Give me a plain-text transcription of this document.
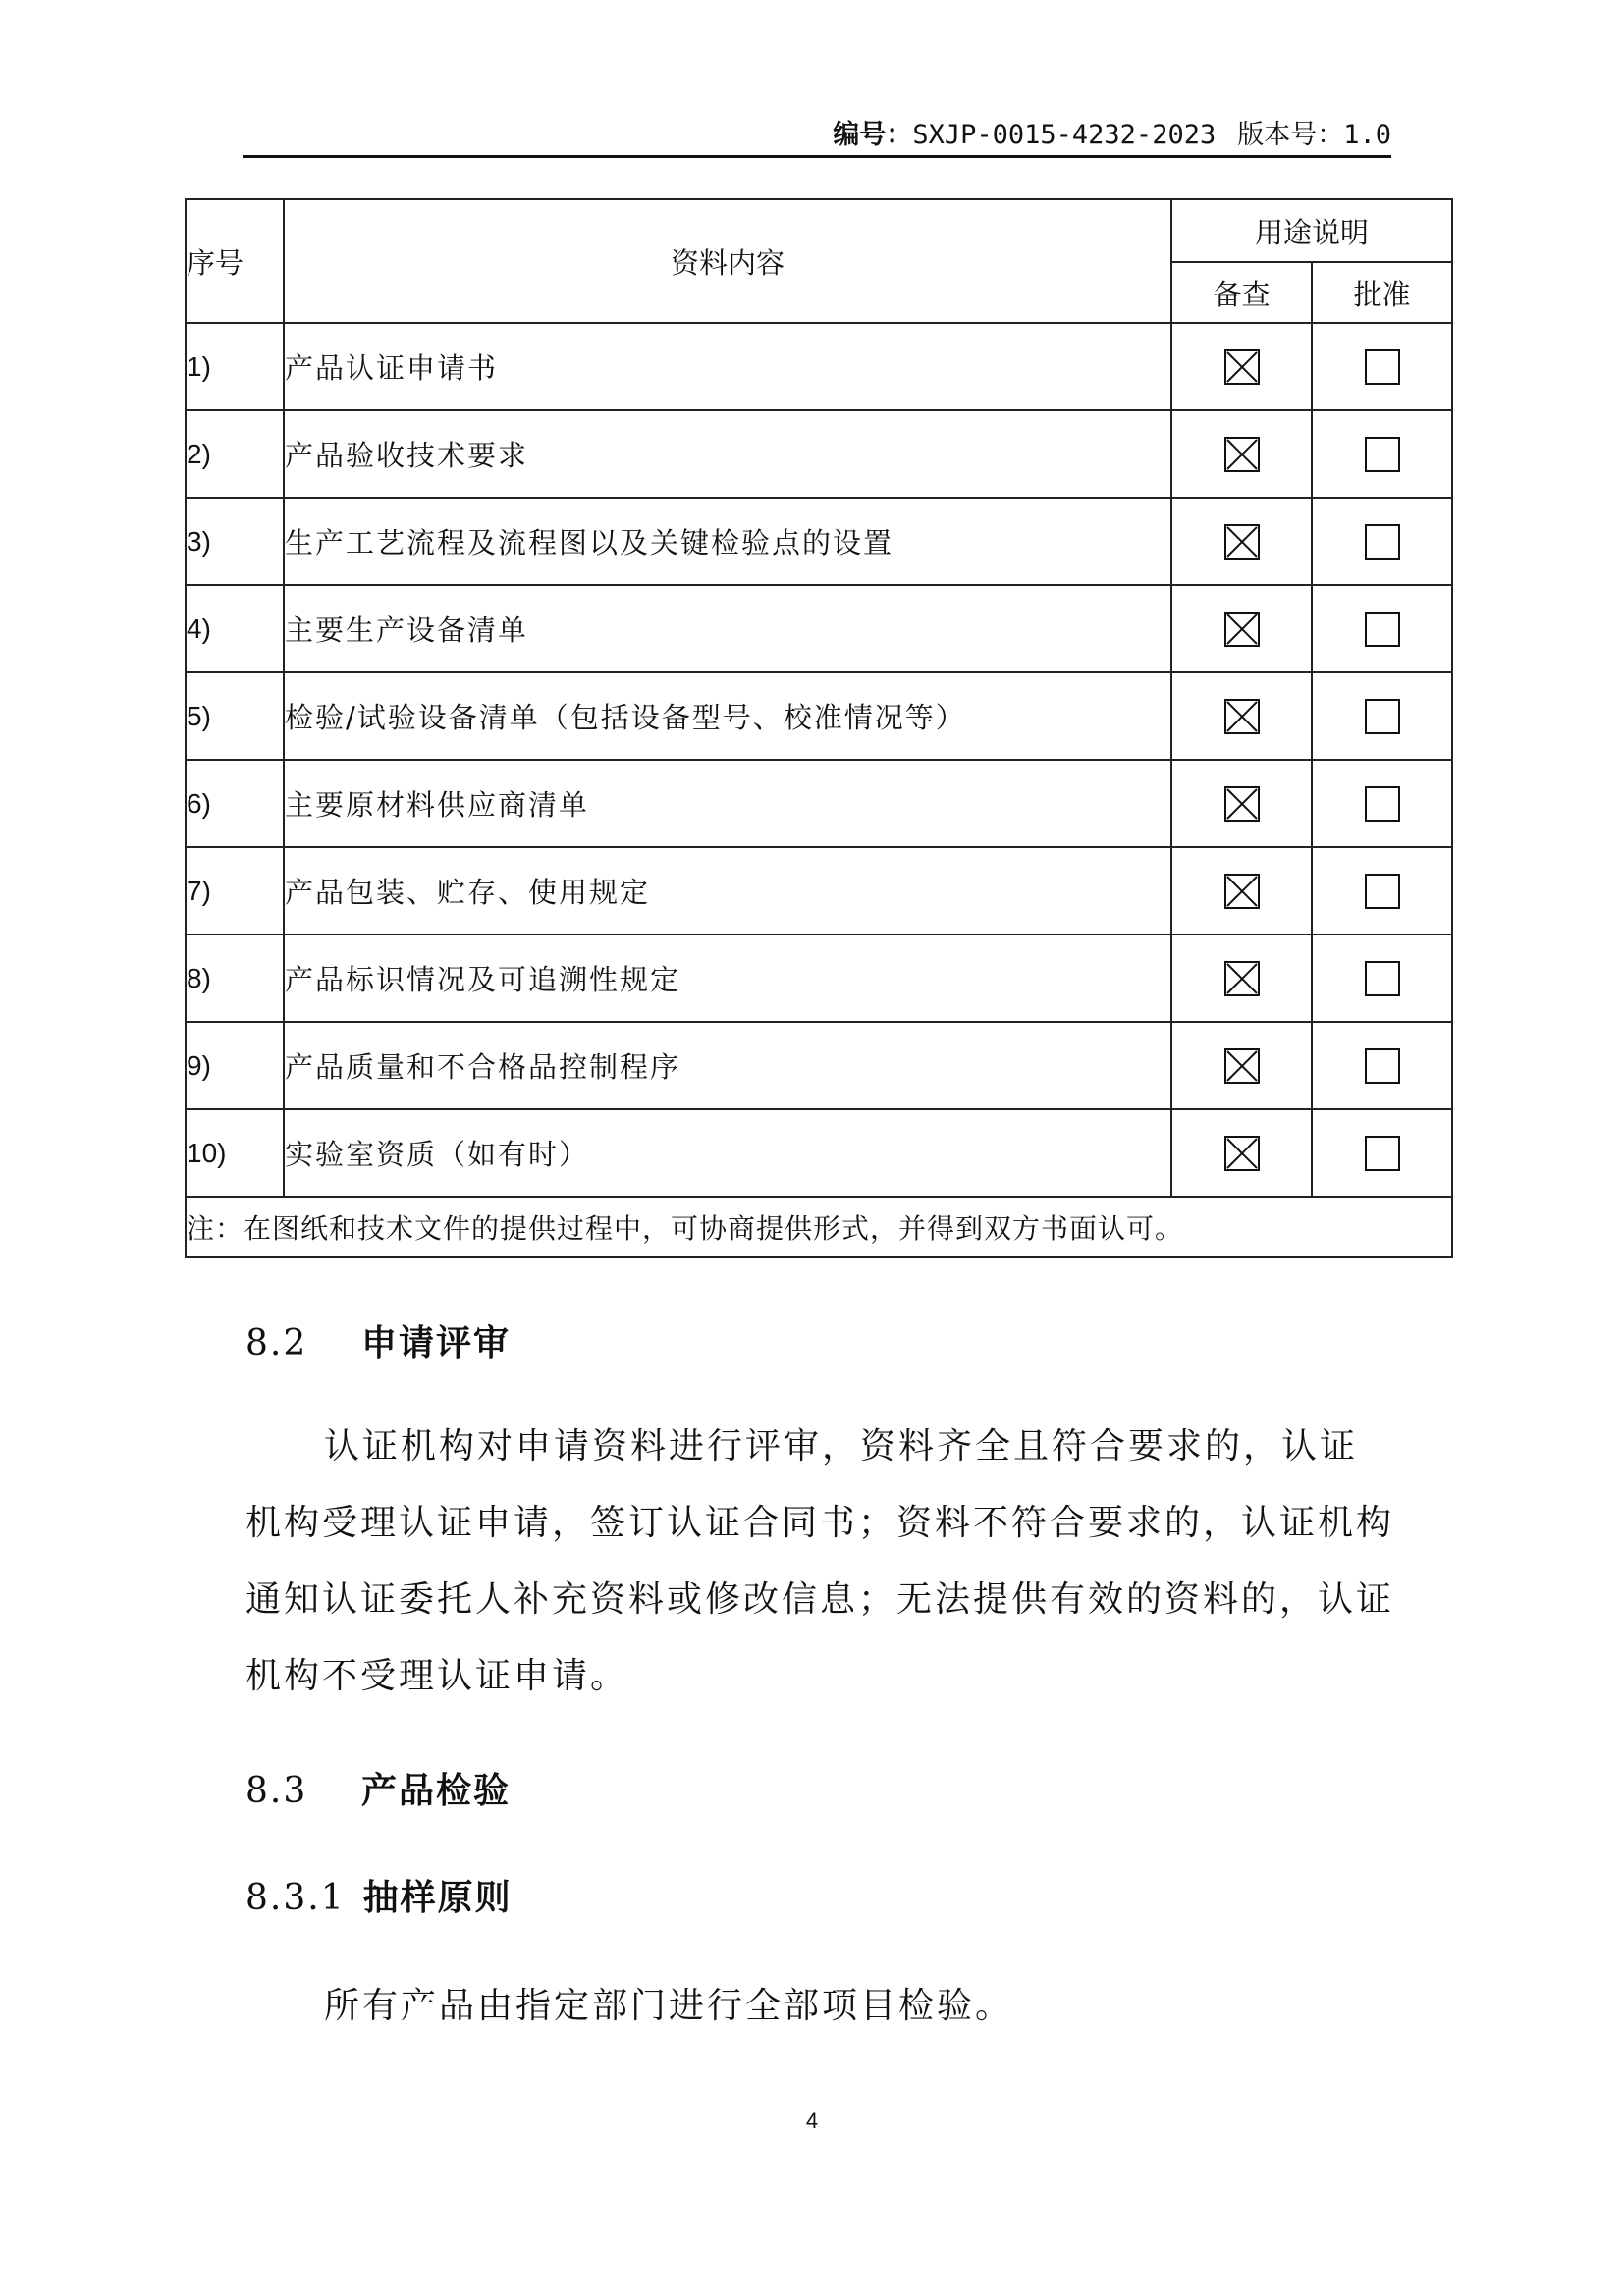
编号：SXJP-0015-4232-2023 版本号：1.0
序号	资料内容	用途说明	
		备查	批准
1)	产品认证申请书	

2)	产品验收技术要求	

3)	生产工艺流程及流程图以及关键检验点的设置	

4)	主要生产设备清单	

5)	检验/试验设备清单（包括设备型号、校准情况等）	

6)	主要原材料供应商清单	

7)	产品包装、贮存、使用规定	

8)	产品标识情况及可追溯性规定	

9)	产品质量和不合格品控制程序	

10)	实验室资质（如有时）	

注：在图纸和技术文件的提供过程中，可协商提供形式，并得到双方书面认可。			
8.2 申请评审

认证机构对申请资料进行评审，资料齐全且符合要求的，认证机构受理认证申请，签订认证合同书；资料不符合要求的，认证机构通知认证委托人补充资料或修改信息；无法提供有效的资料的，认证机构不受理认证申请。

8.3 产品检验
8.3.1 抽样原则

所有产品由指定部门进行全部项目检验。

4
